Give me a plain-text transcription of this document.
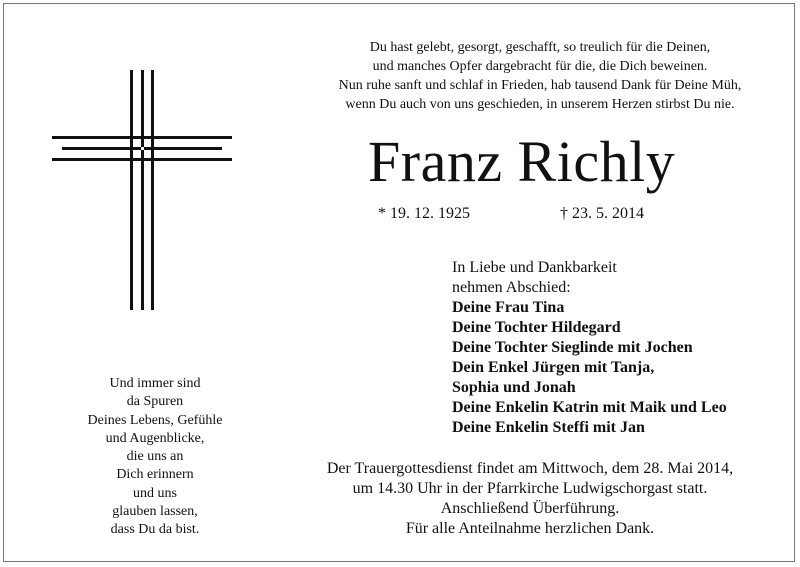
Du hast gelebt, gesorgt, geschafft, so treulich für die Deinen,
und manches Opfer dargebracht für die, die Dich beweinen.
Nun ruhe sanft und schlaf in Frieden, hab tausend Dank für Deine Müh,
wenn Du auch von uns geschieden, in unserem Herzen stirbst Du nie.
Franz Richly
* 19. 12. 1925	† 23. 5. 2014
In Liebe und Dankbarkeit
nehmen Abschied:
Deine Frau Tina
Deine Tochter Hildegard
Deine Tochter Sieglinde mit Jochen
Dein Enkel Jürgen mit Tanja,
Sophia und Jonah
Deine Enkelin Katrin mit Maik und Leo
Deine Enkelin Steffi mit Jan
Und immer sind
da Spuren
Deines Lebens, Gefühle
und Augenblicke,
die uns an
Dich erinnern
und uns
glauben lassen,
dass Du da bist.
Der Trauergottesdienst findet am Mittwoch, dem 28. Mai 2014,
um 14.30 Uhr in der Pfarrkirche Ludwigschorgast statt.
Anschließend Überführung.
Für alle Anteilnahme herzlichen Dank.
